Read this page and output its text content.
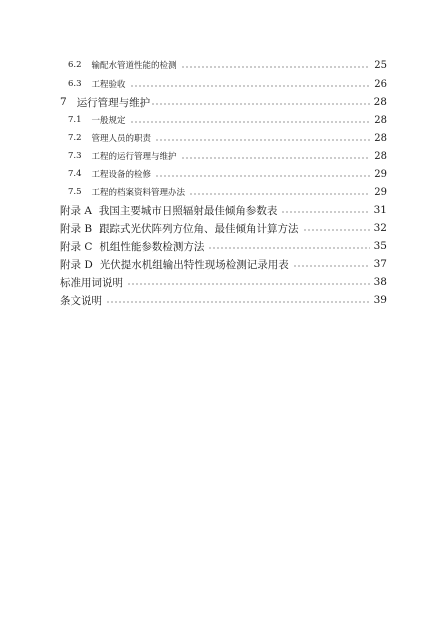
6.2	输配水管道性能的检测	25
6.3	工程验收	26
7 运行管理与维护	28
7.1	一般规定	28
7.2	管理人员的职责	28
7.3	工程的运行管理与维护	28
7.4	工程设备的检修	29
7.5	工程的档案资料管理办法	29
附录 A 我国主要城市日照辐射最佳倾角参数表	31
附录 B 跟踪式光伏阵列方位角、最佳倾角计算方法	32
附录 C 机组性能参数检测方法	35
附录 D 光伏提水机组输出特性现场检测记录用表	37
标准用词说明	38
条文说明	39
